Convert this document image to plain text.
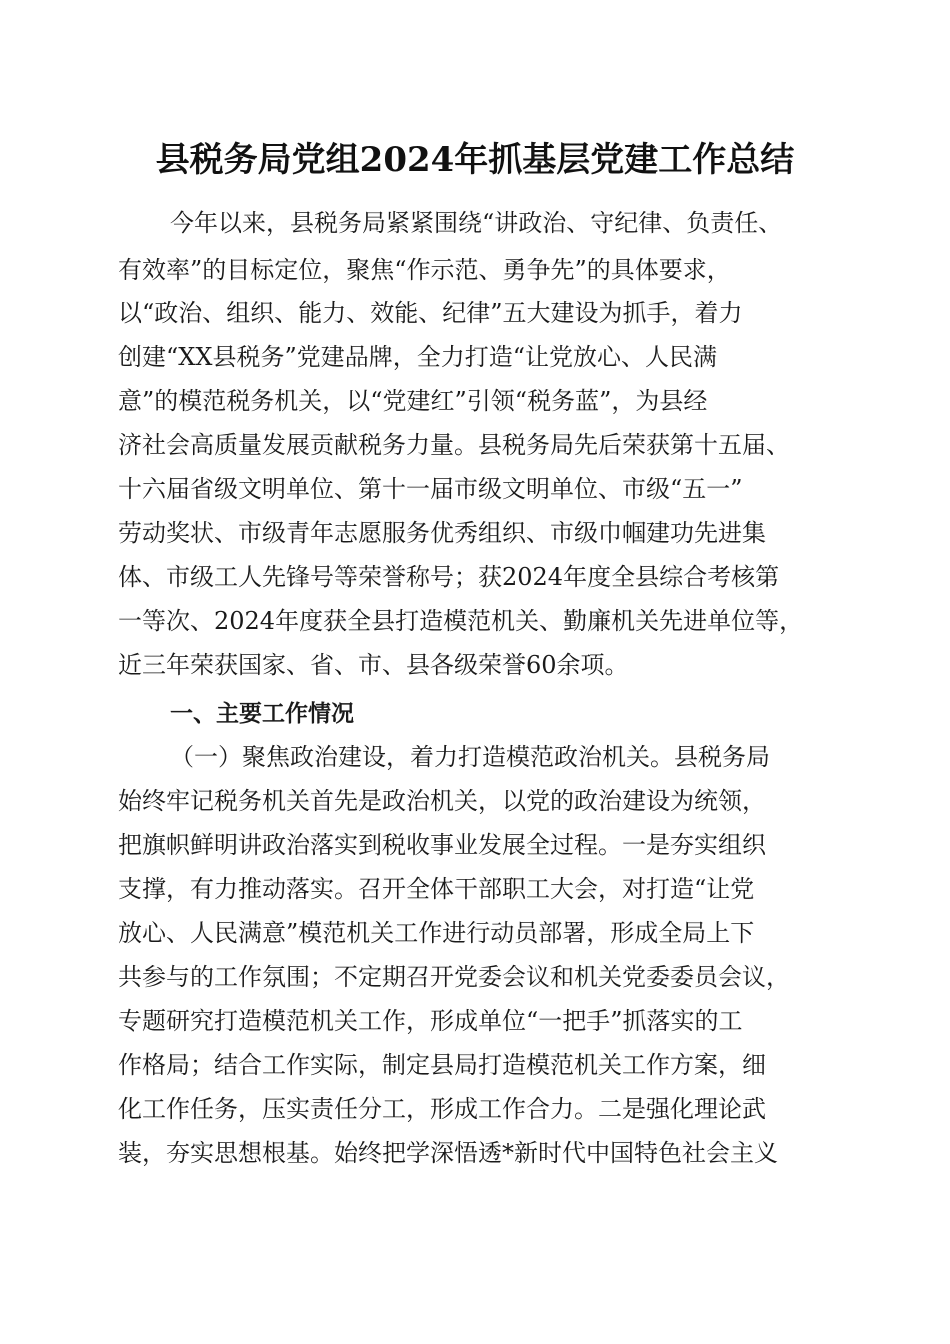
县税务局党组2024年抓基层党建工作总结
今年以来，县税务局紧紧围绕“讲政治、守纪律、负责任、
有效率”的目标定位，聚焦“作示范、勇争先”的具体要求，
以“政治、组织、能力、效能、纪律”五大建设为抓手，着力
创建“XX县税务”党建品牌，全力打造“让党放心、人民满
意”的模范税务机关，以“党建红”引领“税务蓝”，为县经
济社会高质量发展贡献税务力量。县税务局先后荣获第十五届、
十六届省级文明单位、第十一届市级文明单位、市级“五一”
劳动奖状、市级青年志愿服务优秀组织、市级巾帼建功先进集
体、市级工人先锋号等荣誉称号；获2024年度全县综合考核第
一等次、2024年度获全县打造模范机关、勤廉机关先进单位等，
近三年荣获国家、省、市、县各级荣誉60余项。
一、主要工作情况
（一）聚焦政治建设，着力打造模范政治机关。县税务局
始终牢记税务机关首先是政治机关，以党的政治建设为统领，
把旗帜鲜明讲政治落实到税收事业发展全过程。一是夯实组织
支撑，有力推动落实。召开全体干部职工大会，对打造“让党
放心、人民满意”模范机关工作进行动员部署，形成全局上下
共参与的工作氛围；不定期召开党委会议和机关党委委员会议，
专题研究打造模范机关工作，形成单位“一把手”抓落实的工
作格局；结合工作实际，制定县局打造模范机关工作方案，细
化工作任务，压实责任分工，形成工作合力。二是强化理论武
装，夯实思想根基。始终把学深悟透*新时代中国特色社会主义
